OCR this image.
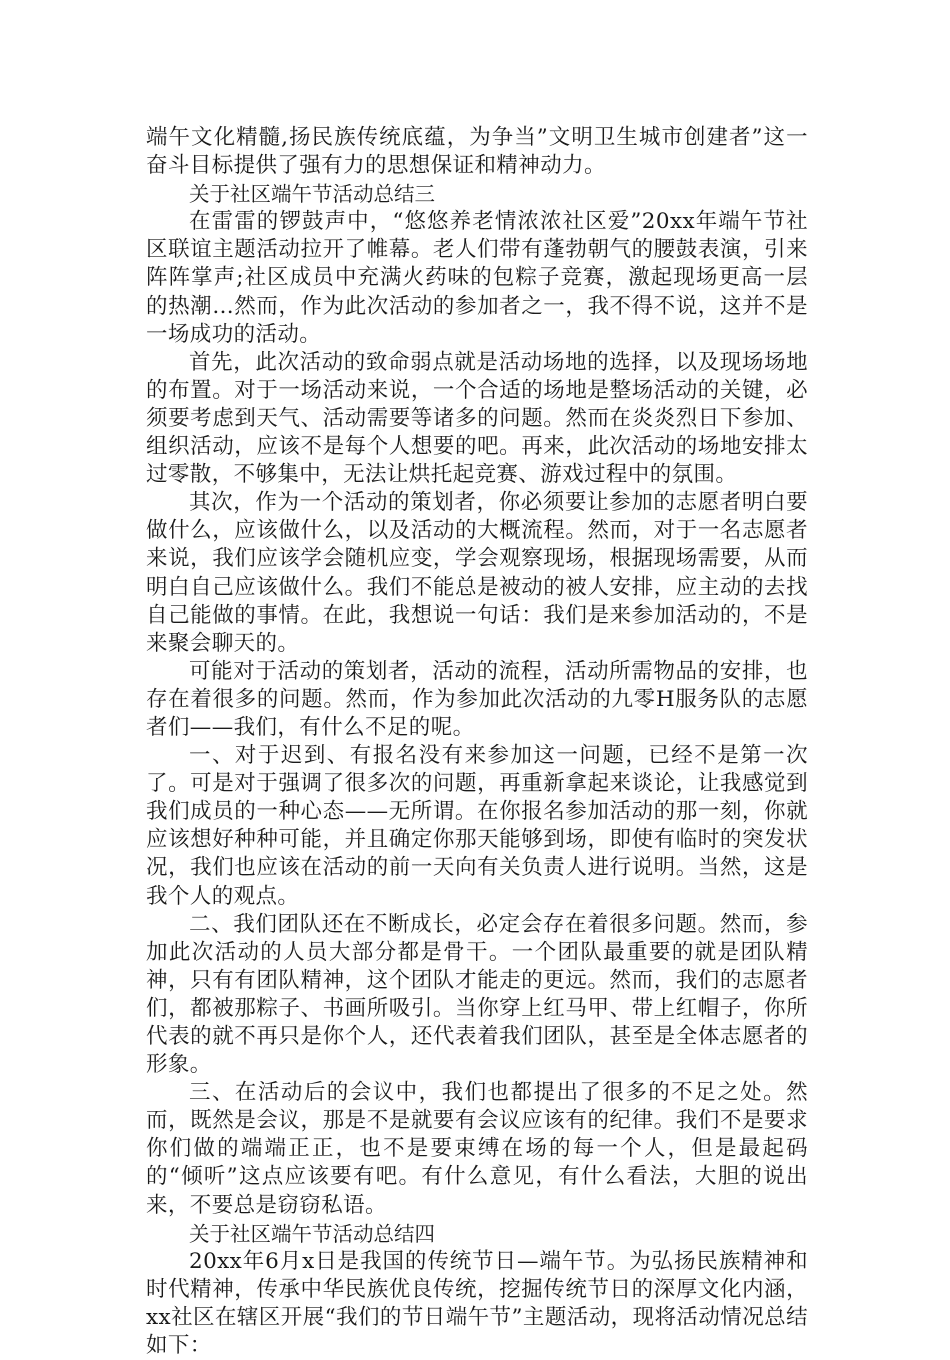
端午文化精髓,扬民族传统底蕴，为争当”文明卫生城市创建者”这一奋斗目标提供了强有力的思想保证和精神动力。

关于社区端午节活动总结三

在雷雷的锣鼓声中，“悠悠养老情浓浓社区爱”20xx年端午节社区联谊主题活动拉开了帷幕。老人们带有蓬勃朝气的腰鼓表演，引来阵阵掌声;社区成员中充满火药味的包粽子竞赛，激起现场更高一层的热潮…然而，作为此次活动的参加者之一，我不得不说，这并不是一场成功的活动。

首先，此次活动的致命弱点就是活动场地的选择，以及现场场地的布置。对于一场活动来说，一个合适的场地是整场活动的关键，必须要考虑到天气、活动需要等诸多的问题。然而在炎炎烈日下参加、组织活动，应该不是每个人想要的吧。再来，此次活动的场地安排太过零散，不够集中，无法让烘托起竞赛、游戏过程中的氛围。

其次，作为一个活动的策划者，你必须要让参加的志愿者明白要做什么，应该做什么，以及活动的大概流程。然而，对于一名志愿者来说，我们应该学会随机应变，学会观察现场，根据现场需要，从而明白自己应该做什么。我们不能总是被动的被人安排，应主动的去找自己能做的事情。在此，我想说一句话：我们是来参加活动的，不是来聚会聊天的。

可能对于活动的策划者，活动的流程，活动所需物品的安排，也存在着很多的问题。然而，作为参加此次活动的九零H服务队的志愿者们——我们，有什么不足的呢。

一、对于迟到、有报名没有来参加这一问题，已经不是第一次了。可是对于强调了很多次的问题，再重新拿起来谈论，让我感觉到我们成员的一种心态——无所谓。在你报名参加活动的那一刻，你就应该想好种种可能，并且确定你那天能够到场，即使有临时的突发状况，我们也应该在活动的前一天向有关负责人进行说明。当然，这是我个人的观点。

二、我们团队还在不断成长，必定会存在着很多问题。然而，参加此次活动的人员大部分都是骨干。一个团队最重要的就是团队精神，只有有团队精神，这个团队才能走的更远。然而，我们的志愿者们，都被那粽子、书画所吸引。当你穿上红马甲、带上红帽子，你所代表的就不再只是你个人，还代表着我们团队，甚至是全体志愿者的形象。

三、在活动后的会议中，我们也都提出了很多的不足之处。然而，既然是会议，那是不是就要有会议应该有的纪律。我们不是要求你们做的端端正正，也不是要束缚在场的每一个人，但是最起码的“倾听”这点应该要有吧。有什么意见，有什么看法，大胆的说出来，不要总是窃窃私语。

关于社区端午节活动总结四

20xx年6月x日是我国的传统节日—端午节。为弘扬民族精神和时代精神，传承中华民族优良传统，挖掘传统节日的深厚文化内涵，xx社区在辖区开展“我们的节日端午节”主题活动，现将活动情况总结如下：
